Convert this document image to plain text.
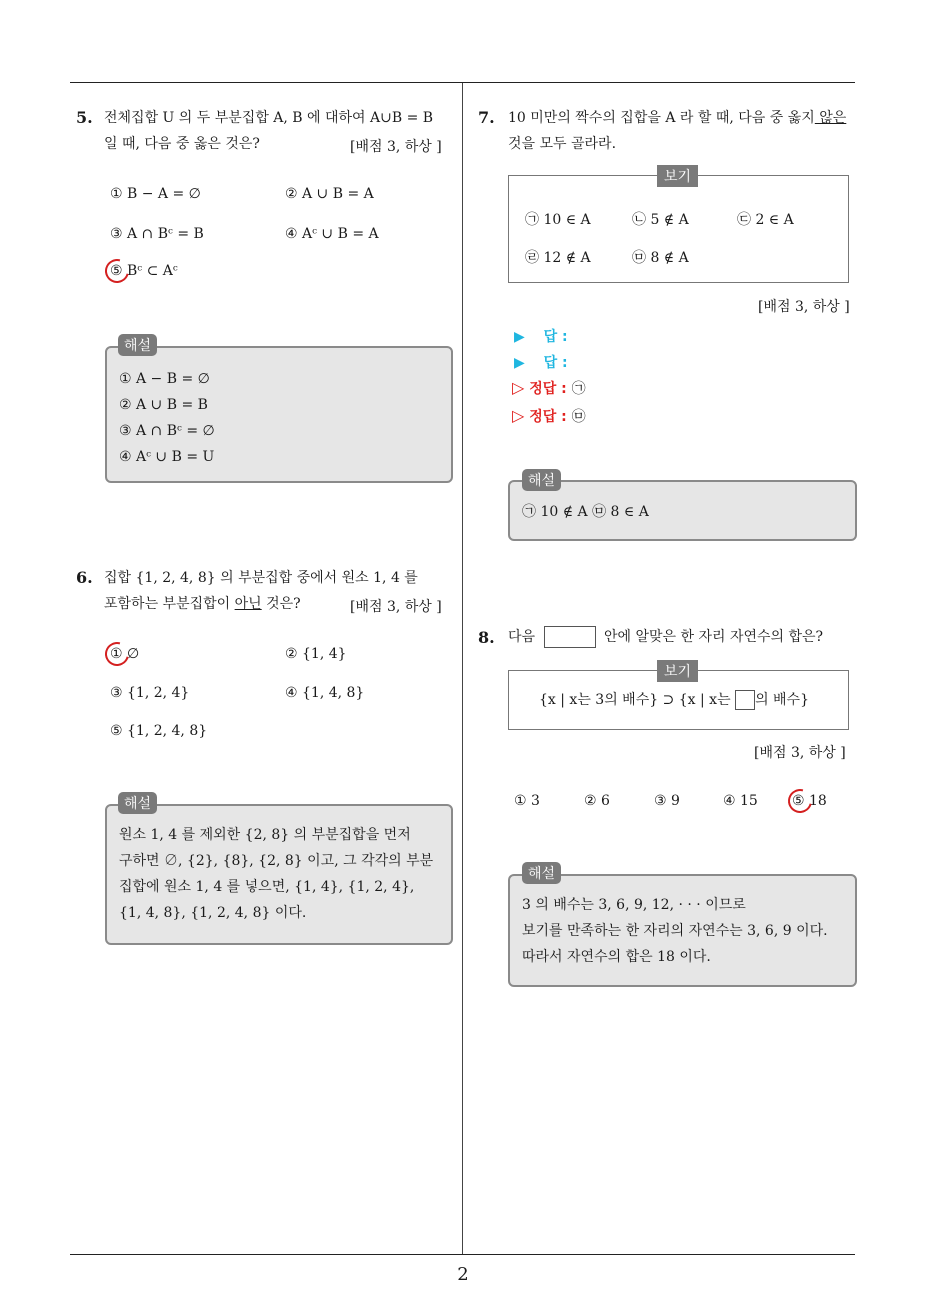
2
5. 전체집합 U 의 두 부분집합 A, B 에 대하여 A∪B = B
일 때, 다음 중 옳은 것은?	[배점 3, 하상 ]
① B − A = ∅	② A ∪ B = A
③ A ∩ Bᶜ = B	④ Aᶜ ∪ B = A
⑤ Bᶜ ⊂ Aᶜ
① A − B = ∅
② A ∪ B = B
③ A ∩ Bᶜ = ∅
④ Aᶜ ∪ B = U
해설
6. 집합 {1, 2, 4, 8} 의 부분집합 중에서 원소 1, 4 를
포함하는 부분집합이 아닌 것은?	[배점 3, 하상 ]
① ∅	② {1, 4}
③ {1, 2, 4}	④ {1, 4, 8}
⑤ {1, 2, 4, 8}
원소 1, 4 를 제외한 {2, 8} 의 부분집합을 먼저
구하면 ∅, {2}, {8}, {2, 8} 이고, 그 각각의 부분
집합에 원소 1, 4 를 넣으면, {1, 4}, {1, 2, 4},
{1, 4, 8}, {1, 2, 4, 8} 이다.
해설
7. 10 미만의 짝수의 집합을 A 라 할 때, 다음 중 옳지 않은
것을 모두 골라라.
㉠ 10 ∈ A	㉡ 5 ∉ A	㉢ 2 ∈ A
㉣ 12 ∉ A	㉤ 8 ∉ A
보기
[배점 3, 하상 ]
▶ 답 :
▶ 답 :
▷ 정답 : ㉠
▷ 정답 : ㉤
㉠ 10 ∉ A ㉤ 8 ∈ A
해설
8. 다음	안에 알맞은 한 자리 자연수의 합은?
{x | x는 3의 배수} ⊃ {x | x는 의 배수}
보기
[배점 3, 하상 ]
① 3	② 6	③ 9	④ 15 ⑤ 18
3 의 배수는 3, 6, 9, 12, · · · 이므로
보기를 만족하는 한 자리의 자연수는 3, 6, 9 이다.
따라서 자연수의 합은 18 이다.
해설
